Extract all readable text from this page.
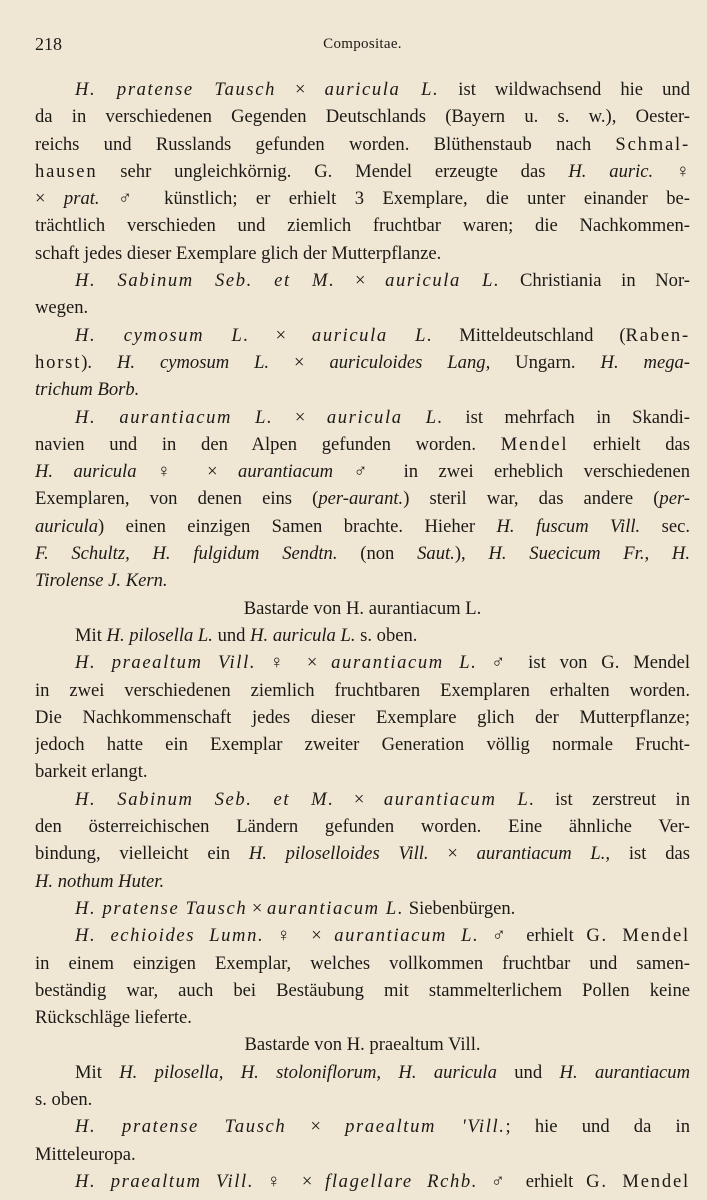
218	Compositae.
H. pratense Tausch × auricula L. ist wildwachsend hie und
da in verschiedenen Gegenden Deutschlands (Bayern u. s. w.), Oester-
reichs und Russlands gefunden worden. Blüthenstaub nach Schmal-
hausen sehr ungleichkörnig. G. Mendel erzeugte das H. auric. ♀
× prat. ♂ künstlich; er erhielt 3 Exemplare, die unter einander be-
trächtlich verschieden und ziemlich fruchtbar waren; die Nachkommen-
schaft jedes dieser Exemplare glich der Mutterpflanze.
H. Sabinum Seb. et M. × auricula L. Christiania in Nor-
wegen.
H. cymosum L. × auricula L. Mitteldeutschland (Raben-
horst). H. cymosum L. × auriculoides Lang, Ungarn. H. mega-
trichum Borb.
H. aurantiacum L. × auricula L. ist mehrfach in Skandi-
navien und in den Alpen gefunden worden. Mendel erhielt das
H. auricula ♀ × aurantiacum ♂ in zwei erheblich verschiedenen
Exemplaren, von denen eins (per-aurant.) steril war, das andere (per-
auricula) einen einzigen Samen brachte. Hieher H. fuscum Vill. sec.
F. Schultz, H. fulgidum Sendtn. (non Saut.), H. Suecicum Fr., H.
Tirolense J. Kern.
Bastarde von H. aurantiacum L.
Mit H. pilosella L. und H. auricula L. s. oben.
H. praealtum Vill. ♀ × aurantiacum L. ♂ ist von G. Mendel
in zwei verschiedenen ziemlich fruchtbaren Exemplaren erhalten worden.
Die Nachkommenschaft jedes dieser Exemplare glich der Mutterpflanze;
jedoch hatte ein Exemplar zweiter Generation völlig normale Frucht-
barkeit erlangt.
H. Sabinum Seb. et M. × aurantiacum L. ist zerstreut in
den österreichischen Ländern gefunden worden. Eine ähnliche Ver-
bindung, vielleicht ein H. piloselloides Vill. × aurantiacum L., ist das
H. nothum Huter.
H. pratense Tausch × aurantiacum L. Siebenbürgen.
H. echioides Lumn. ♀ × aurantiacum L. ♂ erhielt G. Mendel
in einem einzigen Exemplar, welches vollkommen fruchtbar und samen-
beständig war, auch bei Bestäubung mit stammelterlichem Pollen keine
Rückschläge lieferte.
Bastarde von H. praealtum Vill.
Mit H. pilosella, H. stoloniflorum, H. auricula und H. aurantiacum
s. oben.
H. pratense Tausch × praealtum 'Vill.; hie und da in
Mitteleuropa.
H. praealtum Vill. ♀ × flagellare Rchb. ♂ erhielt G. Mendel
